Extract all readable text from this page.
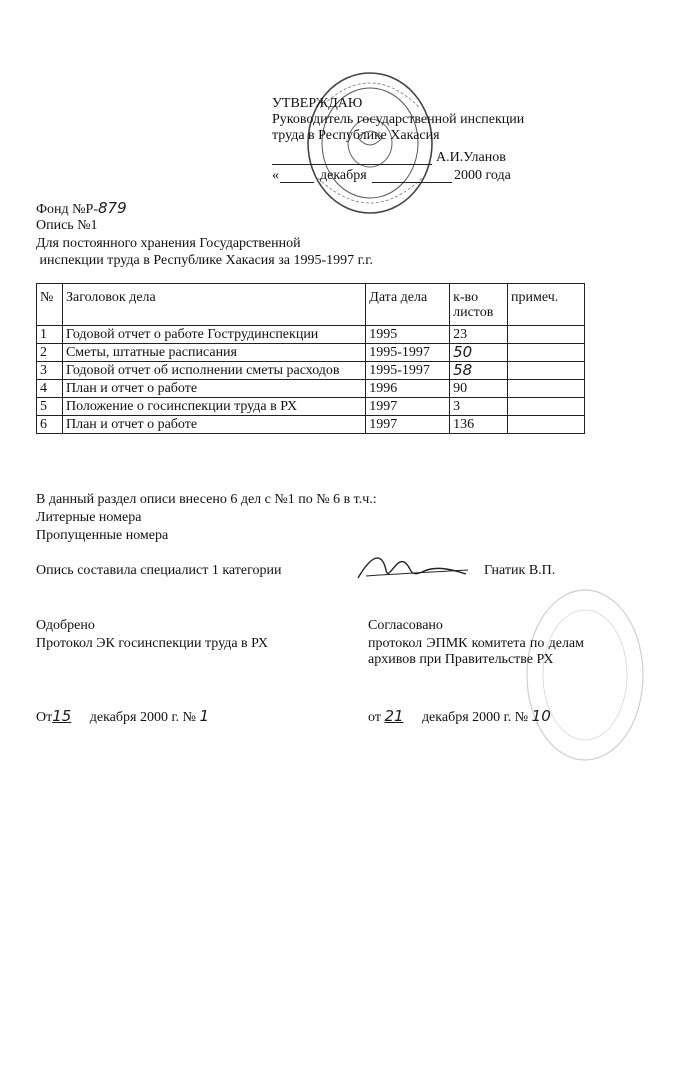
УТВЕРЖДАЮ
Руководитель государственной инспекции
труда в Республике Хакасия
А.И.Уланов
«	декабря	2000 года
Фонд №Р-879
Опись №1
Для постоянного хранения Государственной
инспекции труда в Республике Хакасия за 1995-1997 г.г.
№	Заголовок дела	Дата дела	к-во листов	примеч.
1	Годовой отчет о работе Гострудинспекции	1995	23	
2	Сметы, штатные расписания	1995-1997	50	
3	Годовой отчет об исполнении сметы расходов	1995-1997	58	
4	План и отчет о работе	1996	90	
5	Положение о госинспекции труда в РХ	1997	3	
6	План и отчет о работе	1997	136	
В данный раздел описи внесено 6 дел с №1 по № 6 в т.ч.:
Литерные номера
Пропущенные номера
Опись составила специалист 1 категории	Гнатик В.П.
Одобрено
Протокол ЭК госинспекции труда в РХ
От15 декабря 2000 г. № 1
Согласовано
протокол ЭПМК комитета по делам архивов при Правительстве РХ
от 21 декабря 2000 г. № 10
